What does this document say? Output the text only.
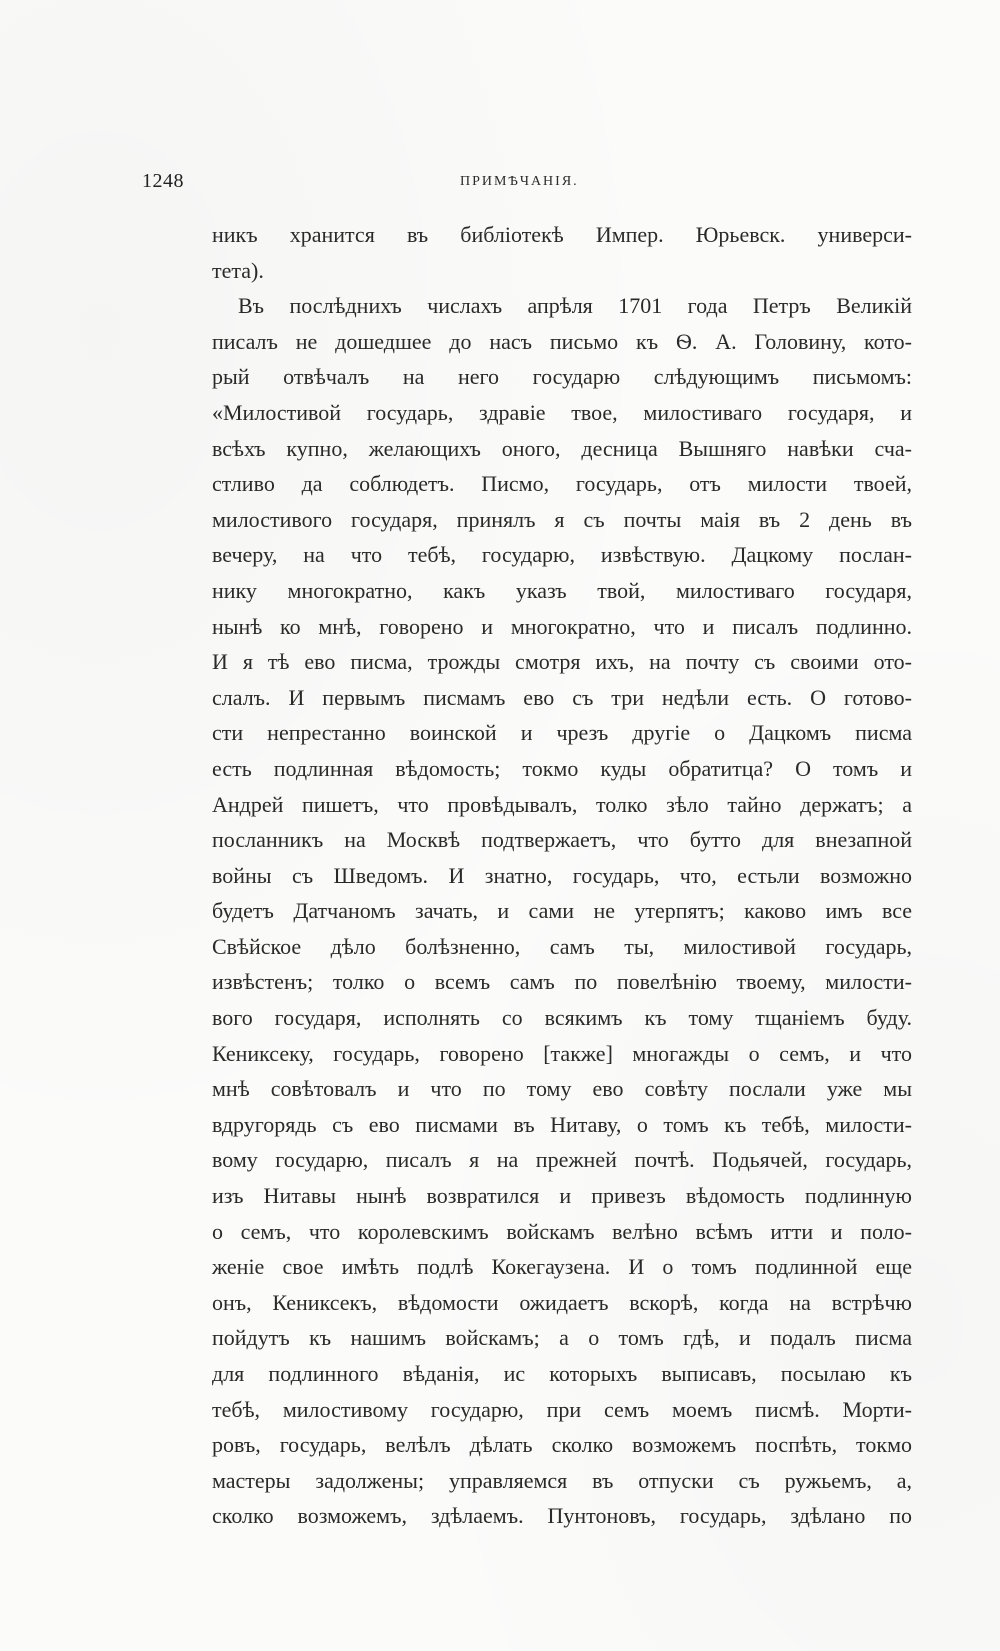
1248	ПРИМѢЧАНІЯ.
никъ хранится въ библіотекѣ Импер. Юрьевск. универси-
тета).
Въ послѣднихъ числахъ апрѣля 1701 года Петръ Великій
писалъ не дошедшее до насъ письмо къ Ѳ. А. Головину, кото-
рый отвѣчалъ на него государю слѣдующимъ письмомъ:
«Милостивой государь, здравіе твое, милостиваго государя, и
всѣхъ купно, желающихъ оного, десница Вышняго навѣки сча-
стливо да соблюдетъ. Писмо, государь, отъ милости твоей,
милостивого государя, принялъ я съ почты маія въ 2 день въ
вечеру, на что тебѣ, государю, извѣствую. Дацкому послан-
нику многократно, какъ указъ твой, милостиваго государя,
нынѣ ко мнѣ, говорено и многократно, что и писалъ подлинно.
И я тѣ ево писма, трожды смотря ихъ, на почту съ своими ото-
слалъ. И первымъ писмамъ ево съ три недѣли есть. О готово-
сти непрестанно воинской и чрезъ другіе о Дацкомъ писма
есть подлинная вѣдомость; токмо куды обратитца? О томъ и
Андрей пишетъ, что провѣдывалъ, толко зѣло тайно держатъ; а
посланникъ на Москвѣ подтвержаетъ, что бутто для внезапной
войны съ Шведомъ. И знатно, государь, что, естьли возможно
будетъ Датчаномъ зачать, и сами не утерпятъ; каково имъ все
Свѣйское дѣло болѣзненно, самъ ты, милостивой государь,
извѣстенъ; толко о всемъ самъ по повелѣнію твоему, милости-
вого государя, исполнять со всякимъ къ тому тщаніемъ буду.
Кениксеку, государь, говорено [также] многажды о семъ, и что
мнѣ совѣтовалъ и что по тому ево совѣту послали уже мы
вдругорядь съ ево писмами въ Нитаву, о томъ къ тебѣ, милости-
вому государю, писалъ я на прежней почтѣ. Подьячей, государь,
изъ Нитавы нынѣ возвратился и привезъ вѣдомость подлинную
о семъ, что королевскимъ войскамъ велѣно всѣмъ итти и поло-
женіе свое имѣть подлѣ Кокегаузена. И о томъ подлинной еще
онъ, Кениксекъ, вѣдомости ожидаетъ вскорѣ, когда на встрѣчю
пойдутъ къ нашимъ войскамъ; а о томъ гдѣ, и подалъ писма
для подлинного вѣданія, ис которыхъ выписавъ, посылаю къ
тебѣ, милостивому государю, при семъ моемъ писмѣ. Морти-
ровъ, государь, велѣлъ дѣлать сколко возможемъ поспѣть, токмо
мастеры задолжены; управляемся въ отпуски съ ружьемъ, а,
сколко возможемъ, здѣлаемъ. Пунтоновъ, государь, здѣлано по
